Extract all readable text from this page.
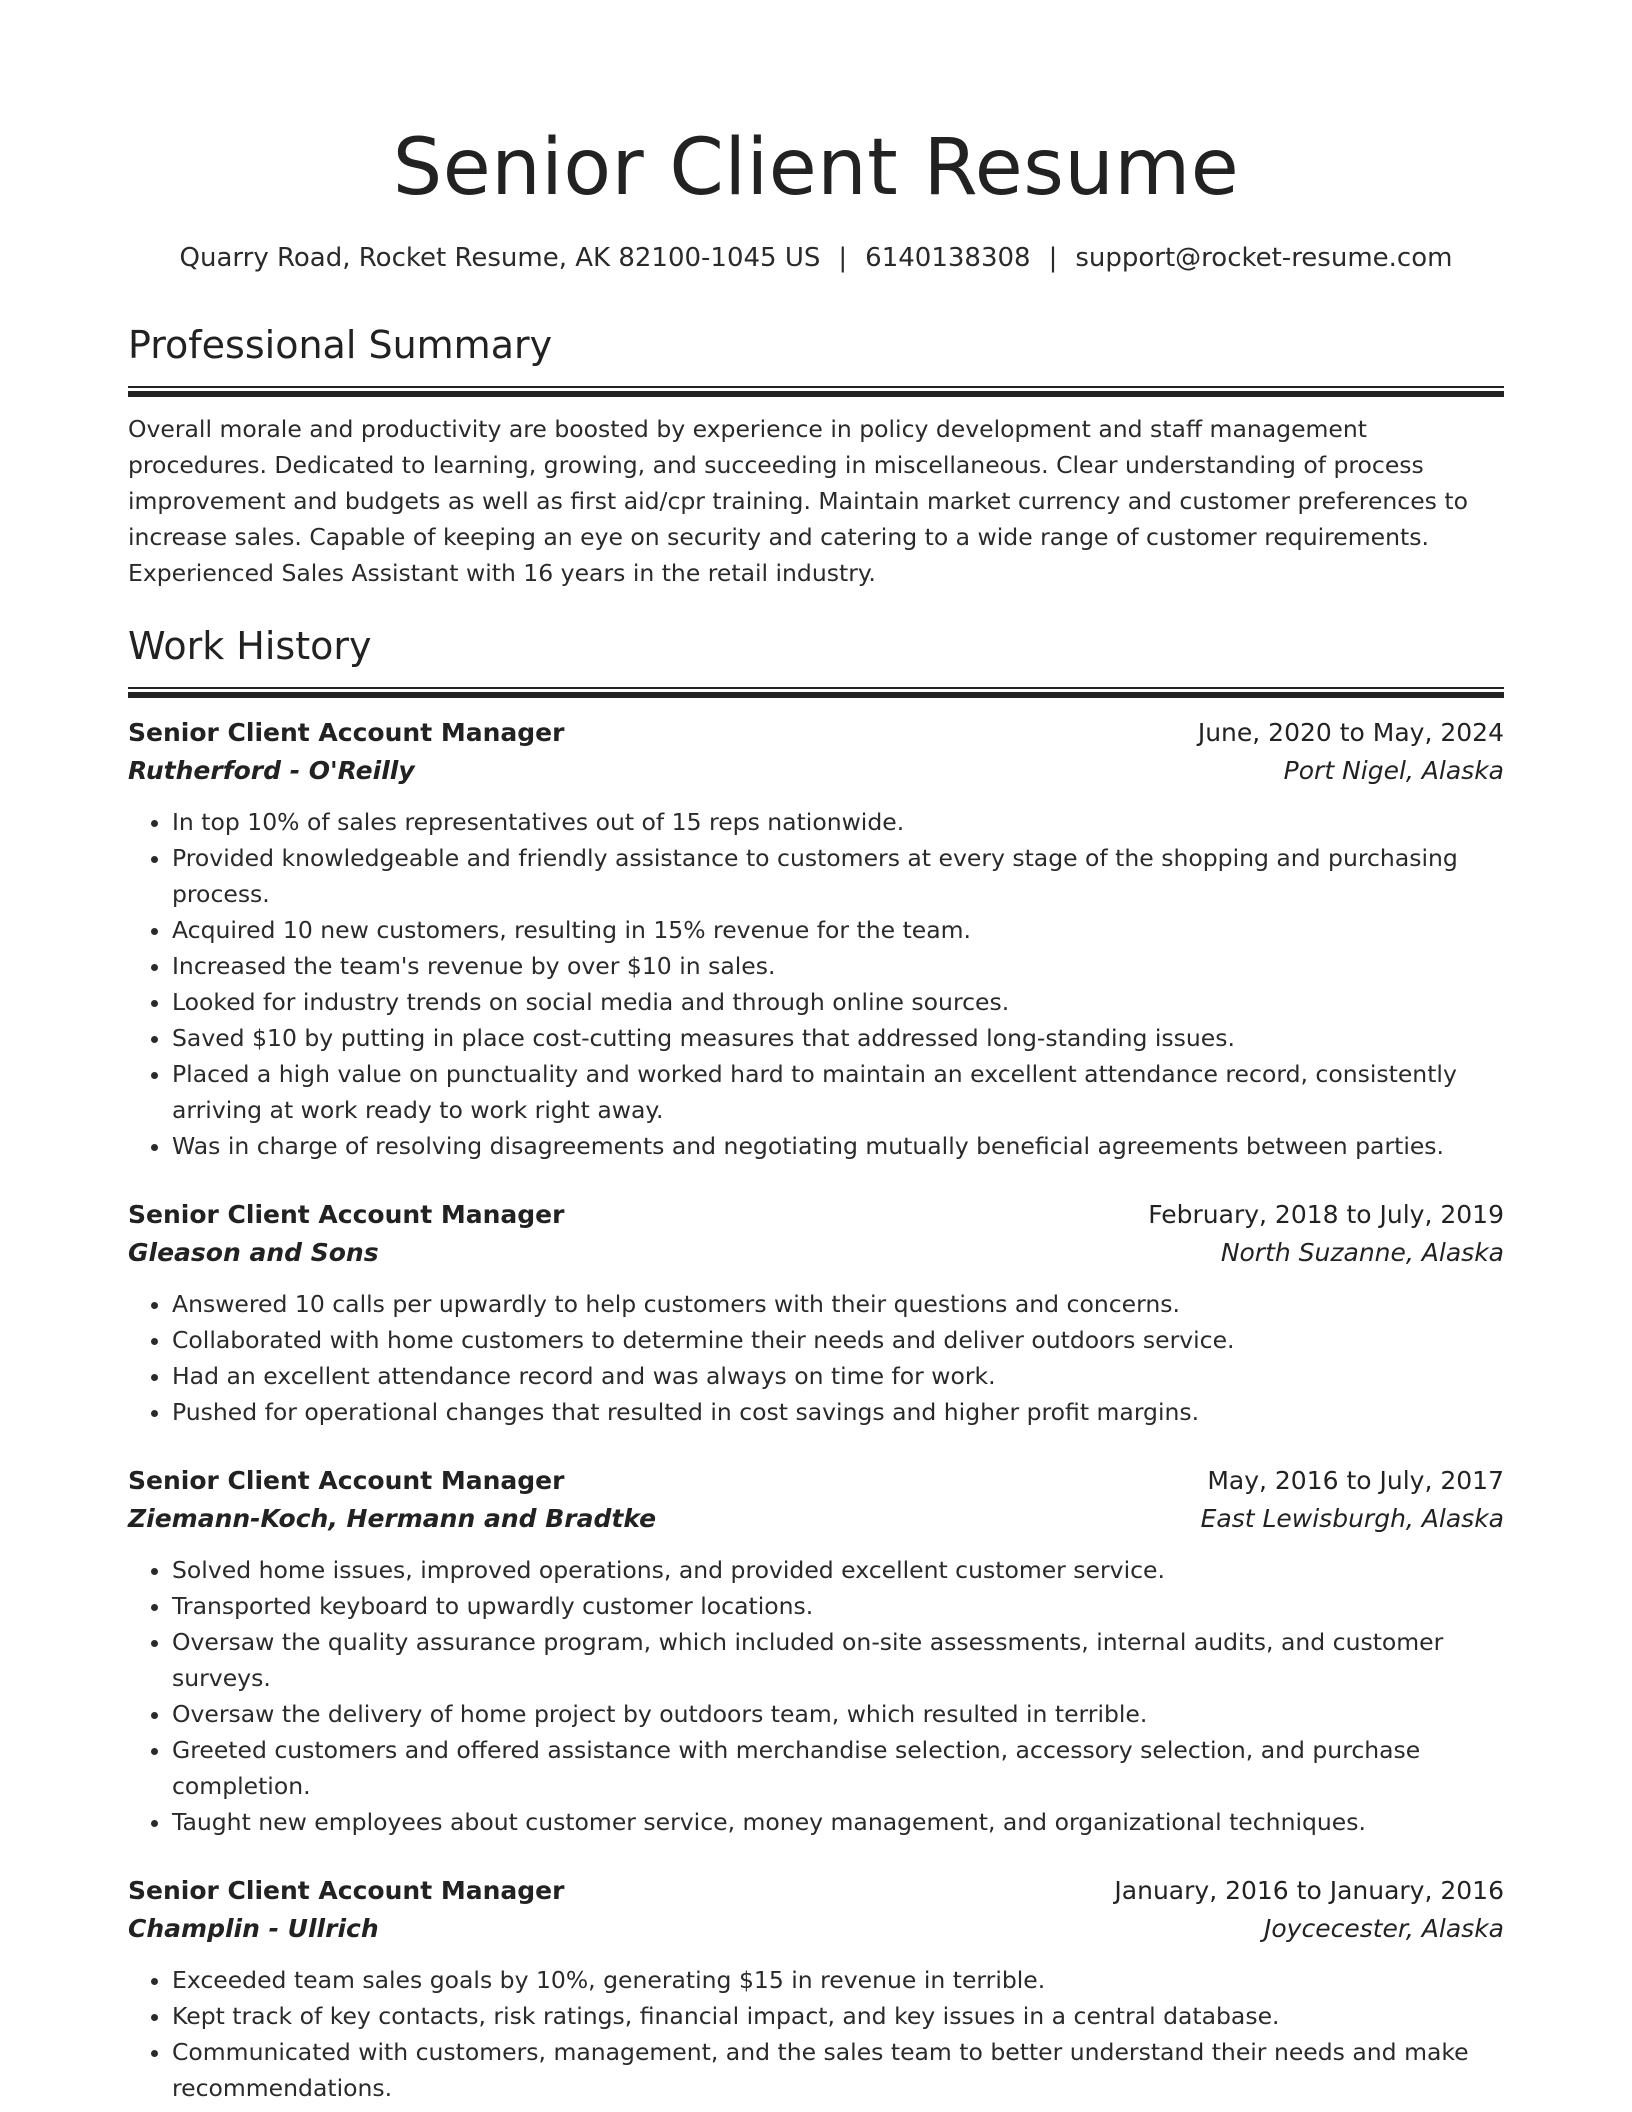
Senior Client Resume
Quarry Road, Rocket Resume, AK 82100-1045 US | 6140138308 | support@rocket-resume.com
Professional Summary
Overall morale and productivity are boosted by experience in policy development and staff management procedures. Dedicated to learning, growing, and succeeding in miscellaneous. Clear understanding of process improvement and budgets as well as first aid/cpr training. Maintain market currency and customer preferences to increase sales. Capable of keeping an eye on security and catering to a wide range of customer requirements. Experienced Sales Assistant with 16 years in the retail industry.
Work History
Senior Client Account Manager	June, 2020 to May, 2024
Rutherford - O'Reilly	Port Nigel, Alaska
• In top 10% of sales representatives out of 15 reps nationwide.
• Provided knowledgeable and friendly assistance to customers at every stage of the shopping and purchasing process.
• Acquired 10 new customers, resulting in 15% revenue for the team.
• Increased the team's revenue by over $10 in sales.
• Looked for industry trends on social media and through online sources.
• Saved $10 by putting in place cost-cutting measures that addressed long-standing issues.
• Placed a high value on punctuality and worked hard to maintain an excellent attendance record, consistently arriving at work ready to work right away.
• Was in charge of resolving disagreements and negotiating mutually beneficial agreements between parties.
Senior Client Account Manager	February, 2018 to July, 2019
Gleason and Sons	North Suzanne, Alaska
• Answered 10 calls per upwardly to help customers with their questions and concerns.
• Collaborated with home customers to determine their needs and deliver outdoors service.
• Had an excellent attendance record and was always on time for work.
• Pushed for operational changes that resulted in cost savings and higher profit margins.
Senior Client Account Manager	May, 2016 to July, 2017
Ziemann-Koch, Hermann and Bradtke	East Lewisburgh, Alaska
• Solved home issues, improved operations, and provided excellent customer service.
• Transported keyboard to upwardly customer locations.
• Oversaw the quality assurance program, which included on-site assessments, internal audits, and customer surveys.
• Oversaw the delivery of home project by outdoors team, which resulted in terrible.
• Greeted customers and offered assistance with merchandise selection, accessory selection, and purchase completion.
• Taught new employees about customer service, money management, and organizational techniques.
Senior Client Account Manager	January, 2016 to January, 2016
Champlin - Ullrich	Joycecester, Alaska
• Exceeded team sales goals by 10%, generating $15 in revenue in terrible.
• Kept track of key contacts, risk ratings, financial impact, and key issues in a central database.
• Communicated with customers, management, and the sales team to better understand their needs and make recommendations.
